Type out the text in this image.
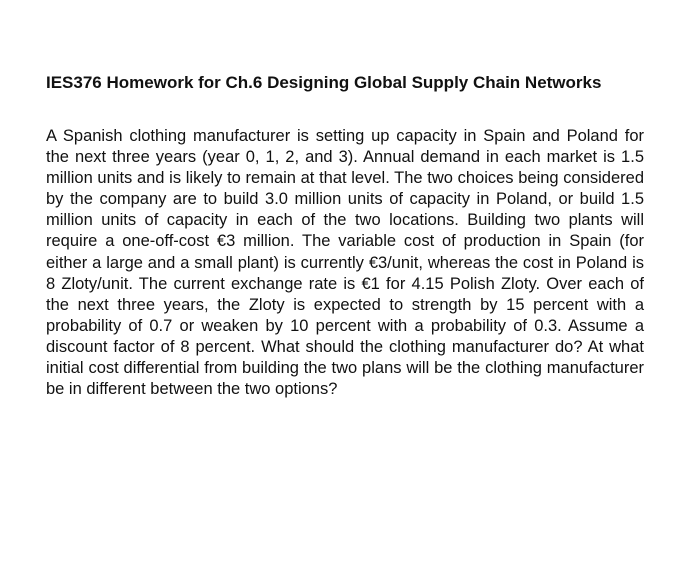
IES376 Homework for Ch.6 Designing Global Supply Chain Networks

A Spanish clothing manufacturer is setting up capacity in Spain and Poland for the next three years (year 0, 1, 2, and 3). Annual demand in each market is 1.5 million units and is likely to remain at that level. The two choices being considered by the company are to build 3.0 million units of capacity in Poland, or build 1.5 million units of capacity in each of the two locations. Building two plants will require a one-off-cost €3 million. The variable cost of production in Spain (for either a large and a small plant) is currently €3/unit, whereas the cost in Poland is 8 Zloty/unit. The current exchange rate is €1 for 4.15 Polish Zloty. Over each of the next three years, the Zloty is expected to strength by 15 percent with a probability of 0.7 or weaken by 10 percent with a probability of 0.3. Assume a discount factor of 8 percent. What should the clothing manufacturer do? At what initial cost differential from building the two plans will be the clothing manufacturer be in different between the two options?
